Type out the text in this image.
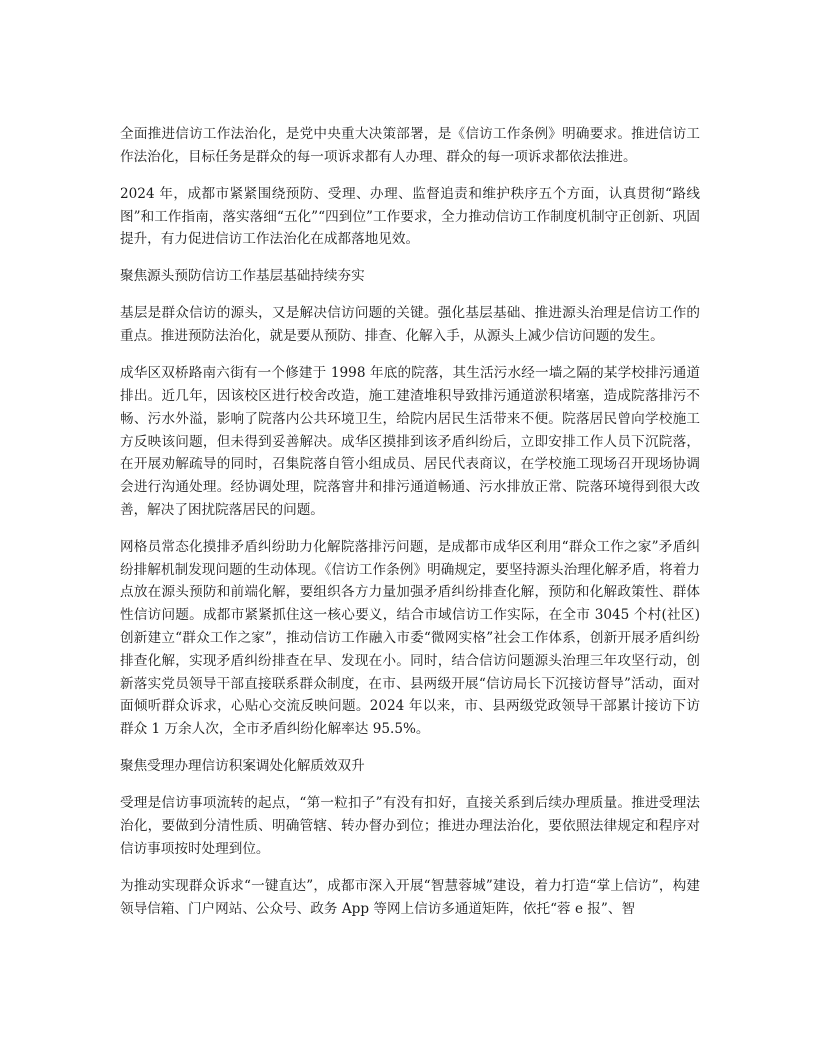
全面推进信访工作法治化，是党中央重大决策部署，是《信访工作条例》明确要求。推进信访工作法治化，目标任务是群众的每一项诉求都有人办理、群众的每一项诉求都依法推进。

2024 年，成都市紧紧围绕预防、受理、办理、监督追责和维护秩序五个方面，认真贯彻“路线图”和工作指南，落实落细“五化”“四到位”工作要求，全力推动信访工作制度机制守正创新、巩固提升，有力促进信访工作法治化在成都落地见效。

聚焦源头预防信访工作基层基础持续夯实

基层是群众信访的源头，又是解决信访问题的关键。强化基层基础、推进源头治理是信访工作的重点。推进预防法治化，就是要从预防、排查、化解入手，从源头上减少信访问题的发生。

成华区双桥路南六街有一个修建于 1998 年底的院落，其生活污水经一墙之隔的某学校排污通道排出。近几年，因该校区进行校舍改造，施工建渣堆积导致排污通道淤积堵塞，造成院落排污不畅、污水外溢，影响了院落内公共环境卫生，给院内居民生活带来不便。院落居民曾向学校施工方反映该问题，但未得到妥善解决。成华区摸排到该矛盾纠纷后，立即安排工作人员下沉院落，在开展劝解疏导的同时，召集院落自管小组成员、居民代表商议，在学校施工现场召开现场协调会进行沟通处理。经协调处理，院落窨井和排污通道畅通、污水排放正常、院落环境得到很大改善，解决了困扰院落居民的问题。

网格员常态化摸排矛盾纠纷助力化解院落排污问题，是成都市成华区利用“群众工作之家”矛盾纠纷排解机制发现问题的生动体现。《信访工作条例》明确规定，要坚持源头治理化解矛盾，将着力点放在源头预防和前端化解，要组织各方力量加强矛盾纠纷排查化解，预防和化解政策性、群体性信访问题。成都市紧紧抓住这一核心要义，结合市域信访工作实际，在全市 3045 个村(社区)创新建立“群众工作之家”，推动信访工作融入市委“微网实格”社会工作体系，创新开展矛盾纠纷排查化解，实现矛盾纠纷排查在早、发现在小。同时，结合信访问题源头治理三年攻坚行动，创新落实党员领导干部直接联系群众制度，在市、县两级开展“信访局长下沉接访督导”活动，面对面倾听群众诉求，心贴心交流反映问题。2024 年以来，市、县两级党政领导干部累计接访下访群众 1 万余人次，全市矛盾纠纷化解率达 95.5%。

聚焦受理办理信访积案调处化解质效双升

受理是信访事项流转的起点，“第一粒扣子”有没有扣好，直接关系到后续办理质量。推进受理法治化，要做到分清性质、明确管辖、转办督办到位；推进办理法治化，要依照法律规定和程序对信访事项按时处理到位。

为推动实现群众诉求“一键直达”，成都市深入开展“智慧蓉城”建设，着力打造“掌上信访”，构建领导信箱、门户网站、公众号、政务 App 等网上信访多通道矩阵，依托“蓉 e 报”、智
